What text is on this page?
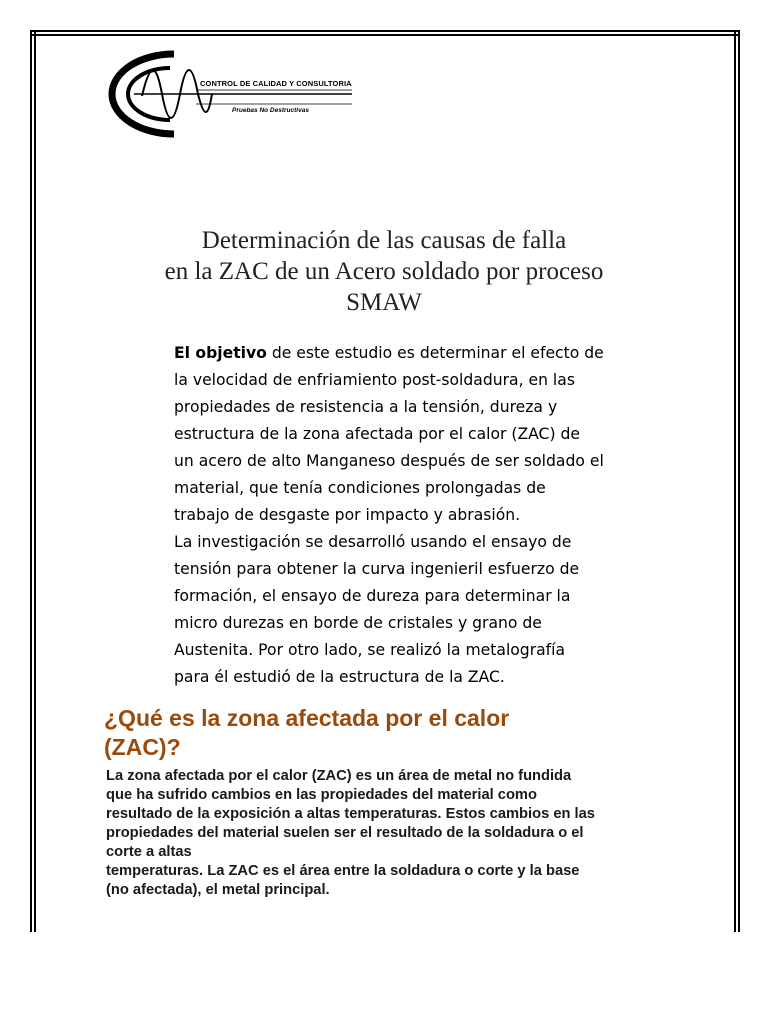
CONTROL DE CALIDAD Y CONSULTORIA
Pruebas No Destructivas
Determinación de las causas de falla
en la ZAC de un Acero soldado por proceso
SMAW
El objetivo de este estudio es determinar el efecto de
la velocidad de enfriamiento post-soldadura, en las
propiedades de resistencia a la tensión, dureza y
estructura de la zona afectada por el calor (ZAC) de
un acero de alto Manganeso después de ser soldado el
material, que tenía condiciones prolongadas de
trabajo de desgaste por impacto y abrasión.
La investigación se desarrolló usando el ensayo de
tensión para obtener la curva ingenieril esfuerzo de
formación, el ensayo de dureza para determinar la
micro durezas en borde de cristales y grano de
Austenita. Por otro lado, se realizó la metalografía
para él estudió de la estructura de la ZAC.
¿Qué es la zona afectada por el calor
(ZAC)?
La zona afectada por el calor (ZAC) es un área de metal no fundida
que ha sufrido cambios en las propiedades del material como
resultado de la exposición a altas temperaturas. Estos cambios en las
propiedades del material suelen ser el resultado de la soldadura o el
corte a altas
temperaturas. La ZAC es el área entre la soldadura o corte y la base
(no afectada), el metal principal.
